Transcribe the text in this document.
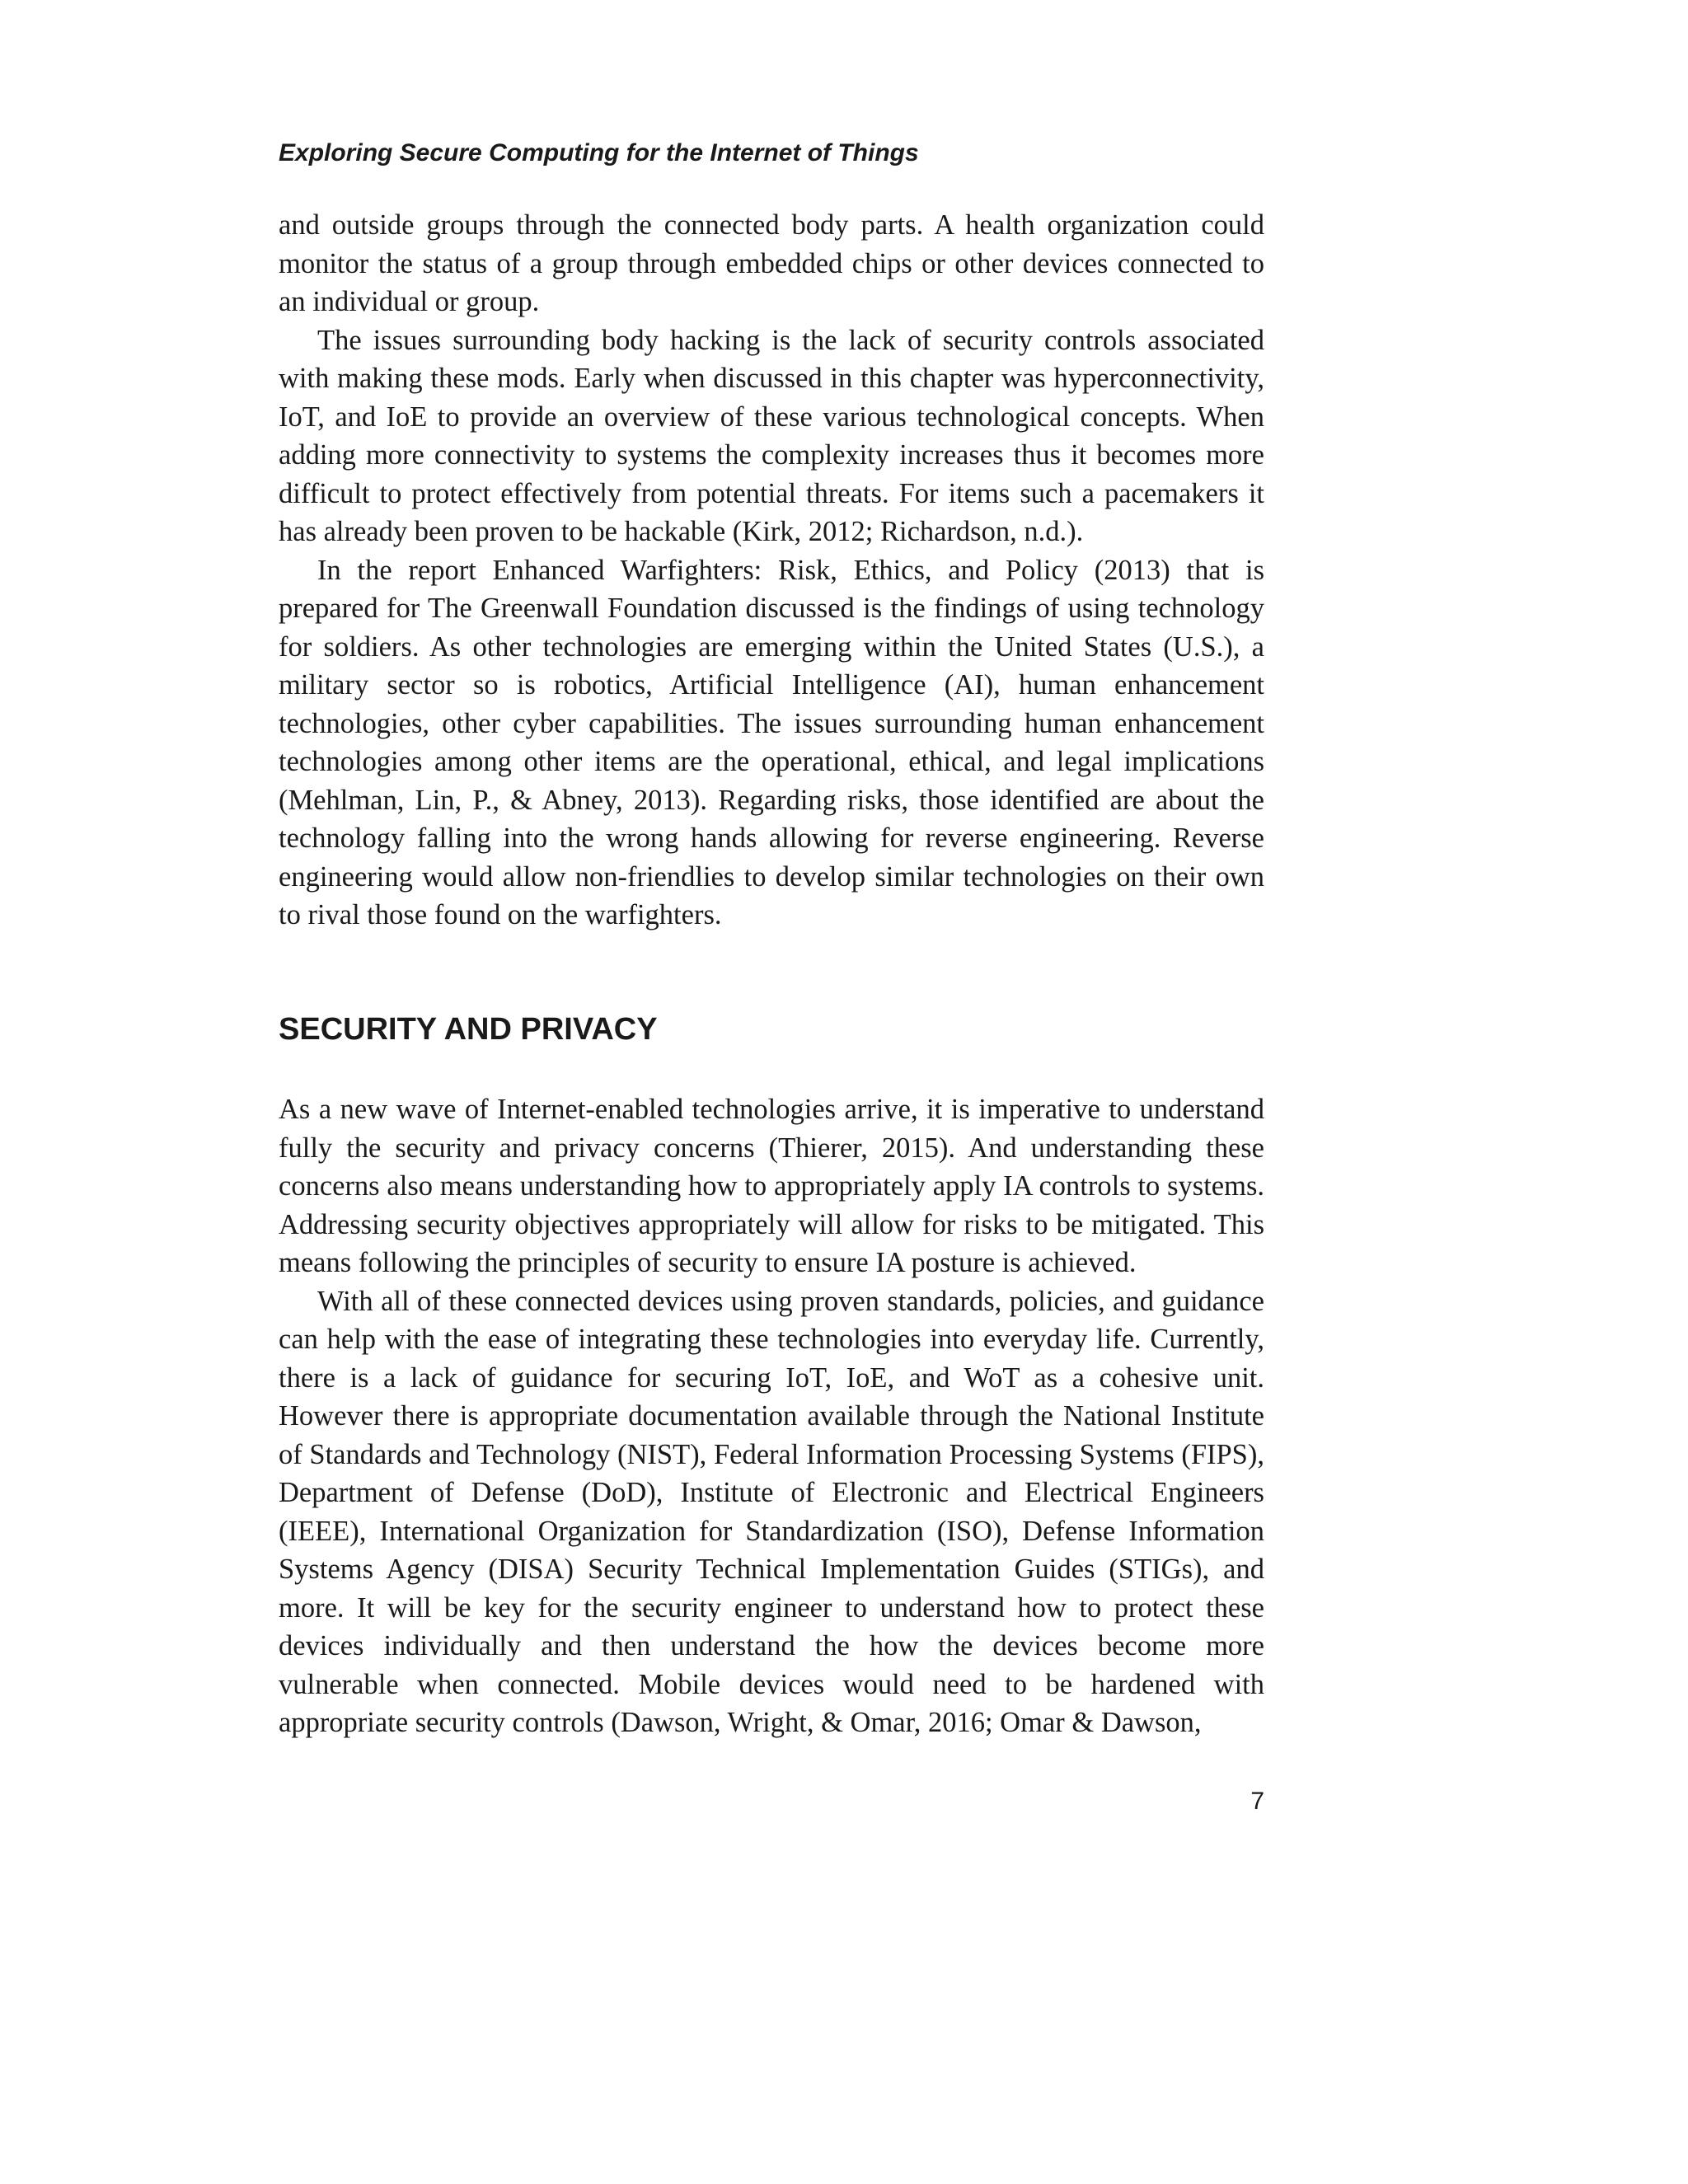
Exploring Secure Computing for the Internet of Things

and outside groups through the connected body parts. A health organization could monitor the status of a group through embedded chips or other devices connected to an individual or group.

The issues surrounding body hacking is the lack of security controls associated with making these mods. Early when discussed in this chapter was hyperconnectivity, IoT, and IoE to provide an overview of these various technological concepts. When adding more connectivity to systems the complexity increases thus it becomes more difficult to protect effectively from potential threats. For items such a pacemakers it has already been proven to be hackable (Kirk, 2012; Richardson, n.d.).

In the report Enhanced Warfighters: Risk, Ethics, and Policy (2013) that is prepared for The Greenwall Foundation discussed is the findings of using technology for soldiers. As other technologies are emerging within the United States (U.S.), a military sector so is robotics, Artificial Intelligence (AI), human enhancement technologies, other cyber capabilities. The issues surrounding human enhancement technologies among other items are the operational, ethical, and legal implications (Mehlman, Lin, P., & Abney, 2013). Regarding risks, those identified are about the technology falling into the wrong hands allowing for reverse engineering. Reverse engineering would allow non-friendlies to develop similar technologies on their own to rival those found on the warfighters.

SECURITY AND PRIVACY

As a new wave of Internet-enabled technologies arrive, it is imperative to understand fully the security and privacy concerns (Thierer, 2015). And understanding these concerns also means understanding how to appropriately apply IA controls to systems. Addressing security objectives appropriately will allow for risks to be mitigated. This means following the principles of security to ensure IA posture is achieved.

With all of these connected devices using proven standards, policies, and guidance can help with the ease of integrating these technologies into everyday life. Currently, there is a lack of guidance for securing IoT, IoE, and WoT as a cohesive unit. However there is appropriate documentation available through the National Institute of Standards and Technology (NIST), Federal Information Processing Systems (FIPS), Department of Defense (DoD), Institute of Electronic and Electrical Engineers (IEEE), International Organization for Standardization (ISO), Defense Information Systems Agency (DISA) Security Technical Implementation Guides (STIGs), and more. It will be key for the security engineer to understand how to protect these devices individually and then understand the how the devices become more vulnerable when connected. Mobile devices would need to be hardened with appropriate security controls (Dawson, Wright, & Omar, 2016; Omar & Dawson,

7
